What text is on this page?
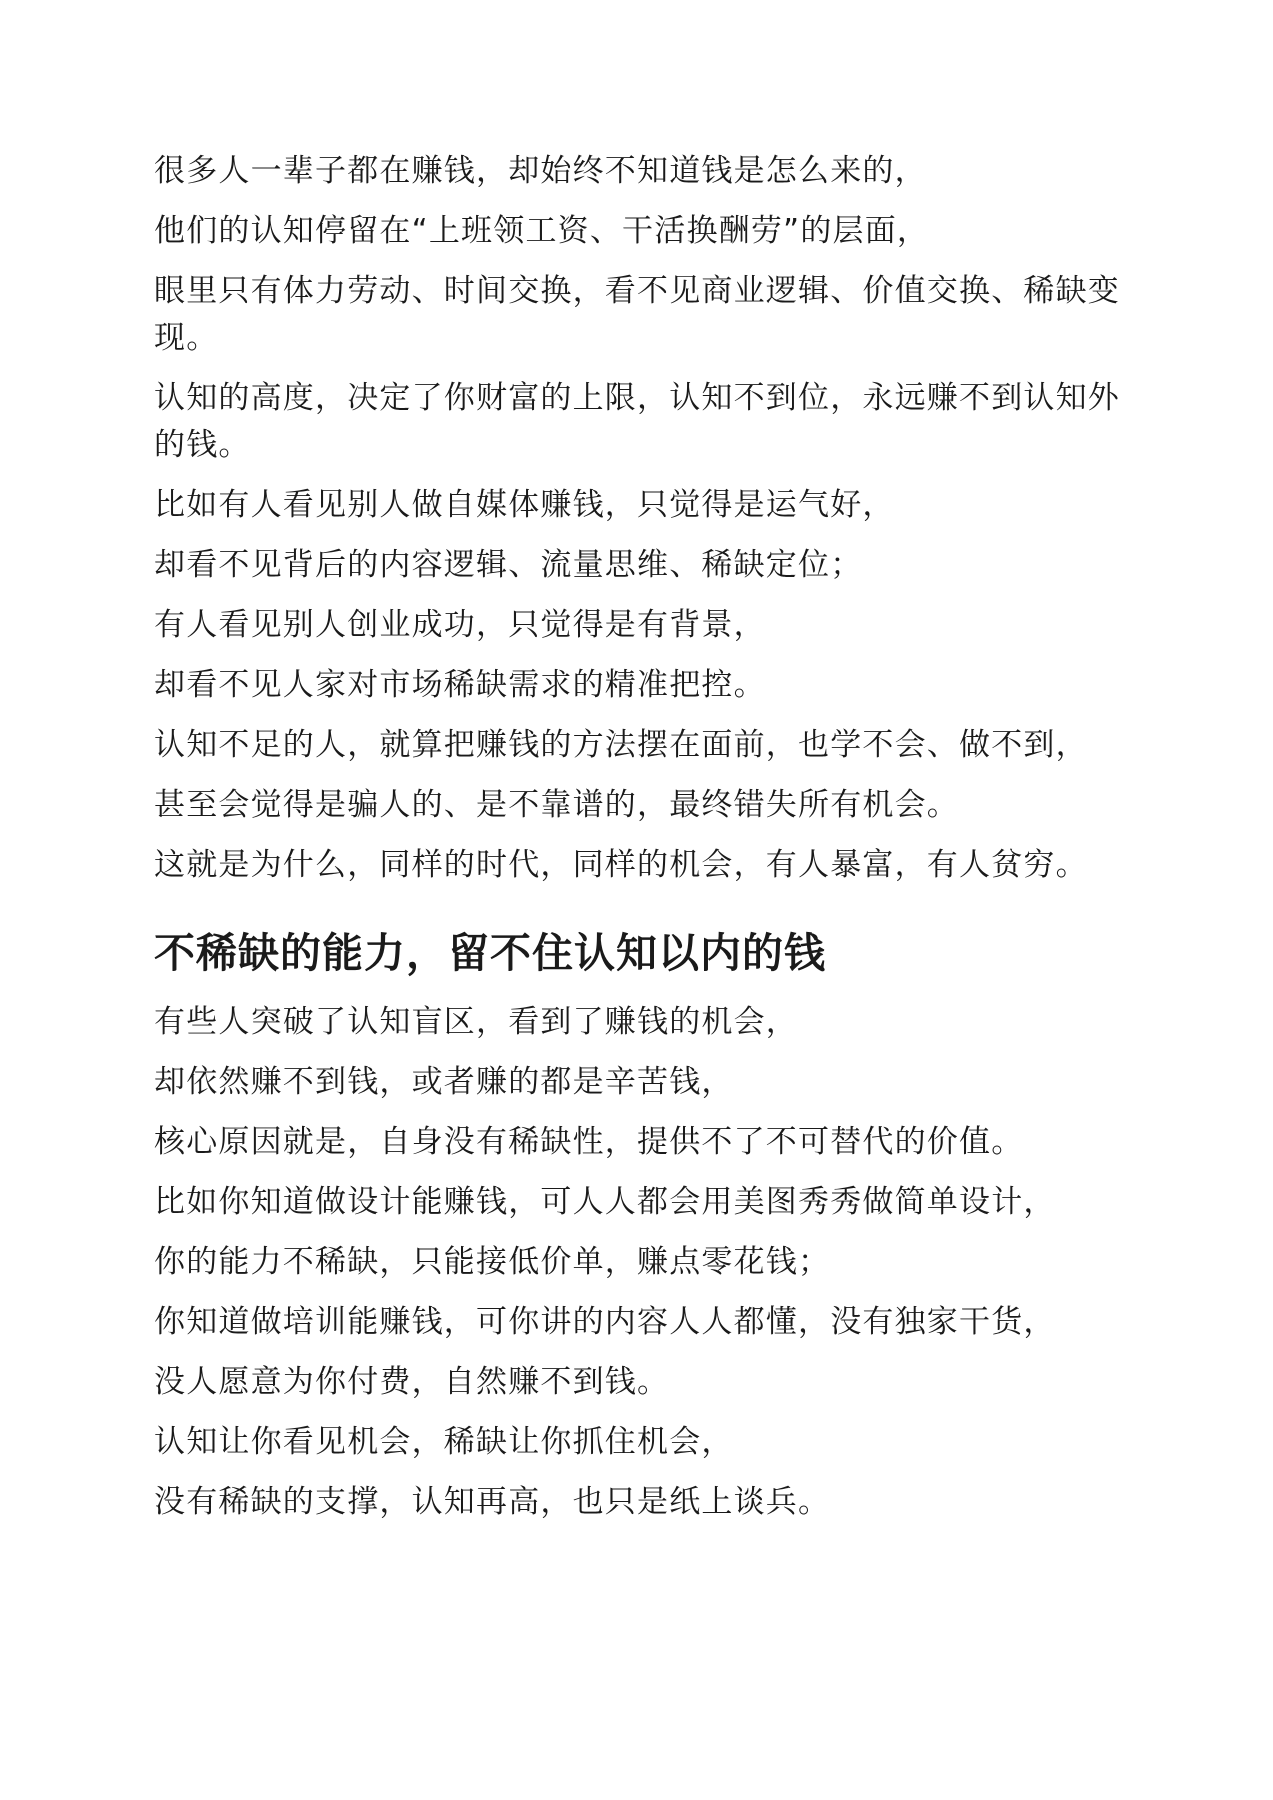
很多人一辈子都在赚钱，却始终不知道钱是怎么来的，

他们的认知停留在“上班领工资、干活换酬劳”的层面，

眼里只有体力劳动、时间交换，看不见商业逻辑、价值交换、稀缺变现。

认知的高度，决定了你财富的上限，认知不到位，永远赚不到认知外的钱。

比如有人看见别人做自媒体赚钱，只觉得是运气好，

却看不见背后的内容逻辑、流量思维、稀缺定位；

有人看见别人创业成功，只觉得是有背景，

却看不见人家对市场稀缺需求的精准把控。

认知不足的人，就算把赚钱的方法摆在面前，也学不会、做不到，

甚至会觉得是骗人的、是不靠谱的，最终错失所有机会。

这就是为什么，同样的时代，同样的机会，有人暴富，有人贫穷。

不稀缺的能力，留不住认知以内的钱

有些人突破了认知盲区，看到了赚钱的机会，

却依然赚不到钱，或者赚的都是辛苦钱，

核心原因就是，自身没有稀缺性，提供不了不可替代的价值。

比如你知道做设计能赚钱，可人人都会用美图秀秀做简单设计，

你的能力不稀缺，只能接低价单，赚点零花钱；

你知道做培训能赚钱，可你讲的内容人人都懂，没有独家干货，

没人愿意为你付费，自然赚不到钱。

认知让你看见机会，稀缺让你抓住机会，

没有稀缺的支撑，认知再高，也只是纸上谈兵。
